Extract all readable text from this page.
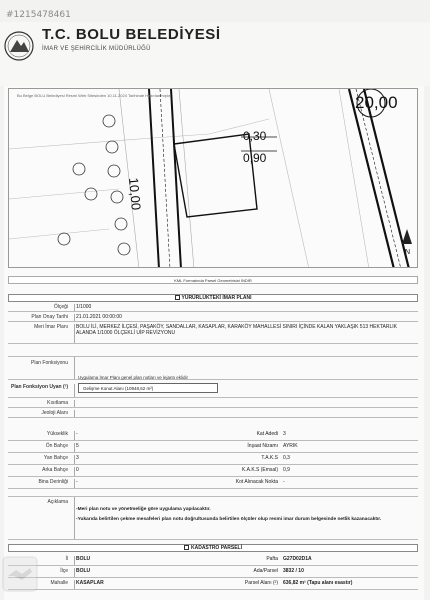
#1215478461
T.C. BOLU BELEDİYESİ
İMAR VE ŞEHİRCİLİK MÜDÜRLÜĞÜ
Bu Belge BOLU Belediyesi Resmi Web Sitesinden 10.11.2024 Tarihinde Hazırlanmıştır
10,00
20,00
0,30
0,90
N
KML Formatında Parsel Geometrisini İNDİR
YÜRÜRLÜKTEKİ İMAR PLANI
Ölçeği	1/1000
Plan Onay Tarihi	21.01.2021 00:00:00
Meri İmar Planı	BOLU İLİ, MERKEZ İLÇESİ, PAŞAKÖY, SANDALLAR, KASAPLAR, KARAKÖY MAHALLESİ SINIRI İÇİNDE KALAN YAKLAŞIK 513 HEKTARLIK ALANDA 1/1000 ÖLÇEKLİ UİP REVİZYONU
Plan Fonksiyonu
Uygulama İmar Planı genel plan notları ve lejantı eklidir
Gelişme Konut Alanı (10948,62 m²)
Plan Fonksiyon Uyan (²)
Kısıtlama
Jeoloji Alanı
Yükseklik	-	Kat Adedi 3
Ön Bahçe	5	İnşaat Nizamı AYRIK
Yan Bahçe	3	T.A.K.S 0,3
Arka Bahçe	0	K.A.K.S (Emsal) 0,9
Bina Derinliği	-	Kot Alınacak Nokta -
Açıklama
-Meri plan notu ve yönetmeliğe göre uygulama yapılacaktır.
-Yukarıda belirtilen çekme mesafeleri plan notu doğrultusunda belirtilen ölçüler olup resmi imar durum belgesinde netlik kazanacaktır.
KADASTRO PARSELİ
İl	BOLU	Pafta G27D02D1A
İlçe	BOLU	Ada/Parsel 3832 / 10
Mahalle	KASAPLAR	Parsel Alanı (²) 636,82 m² (Tapu alanı esastır)
